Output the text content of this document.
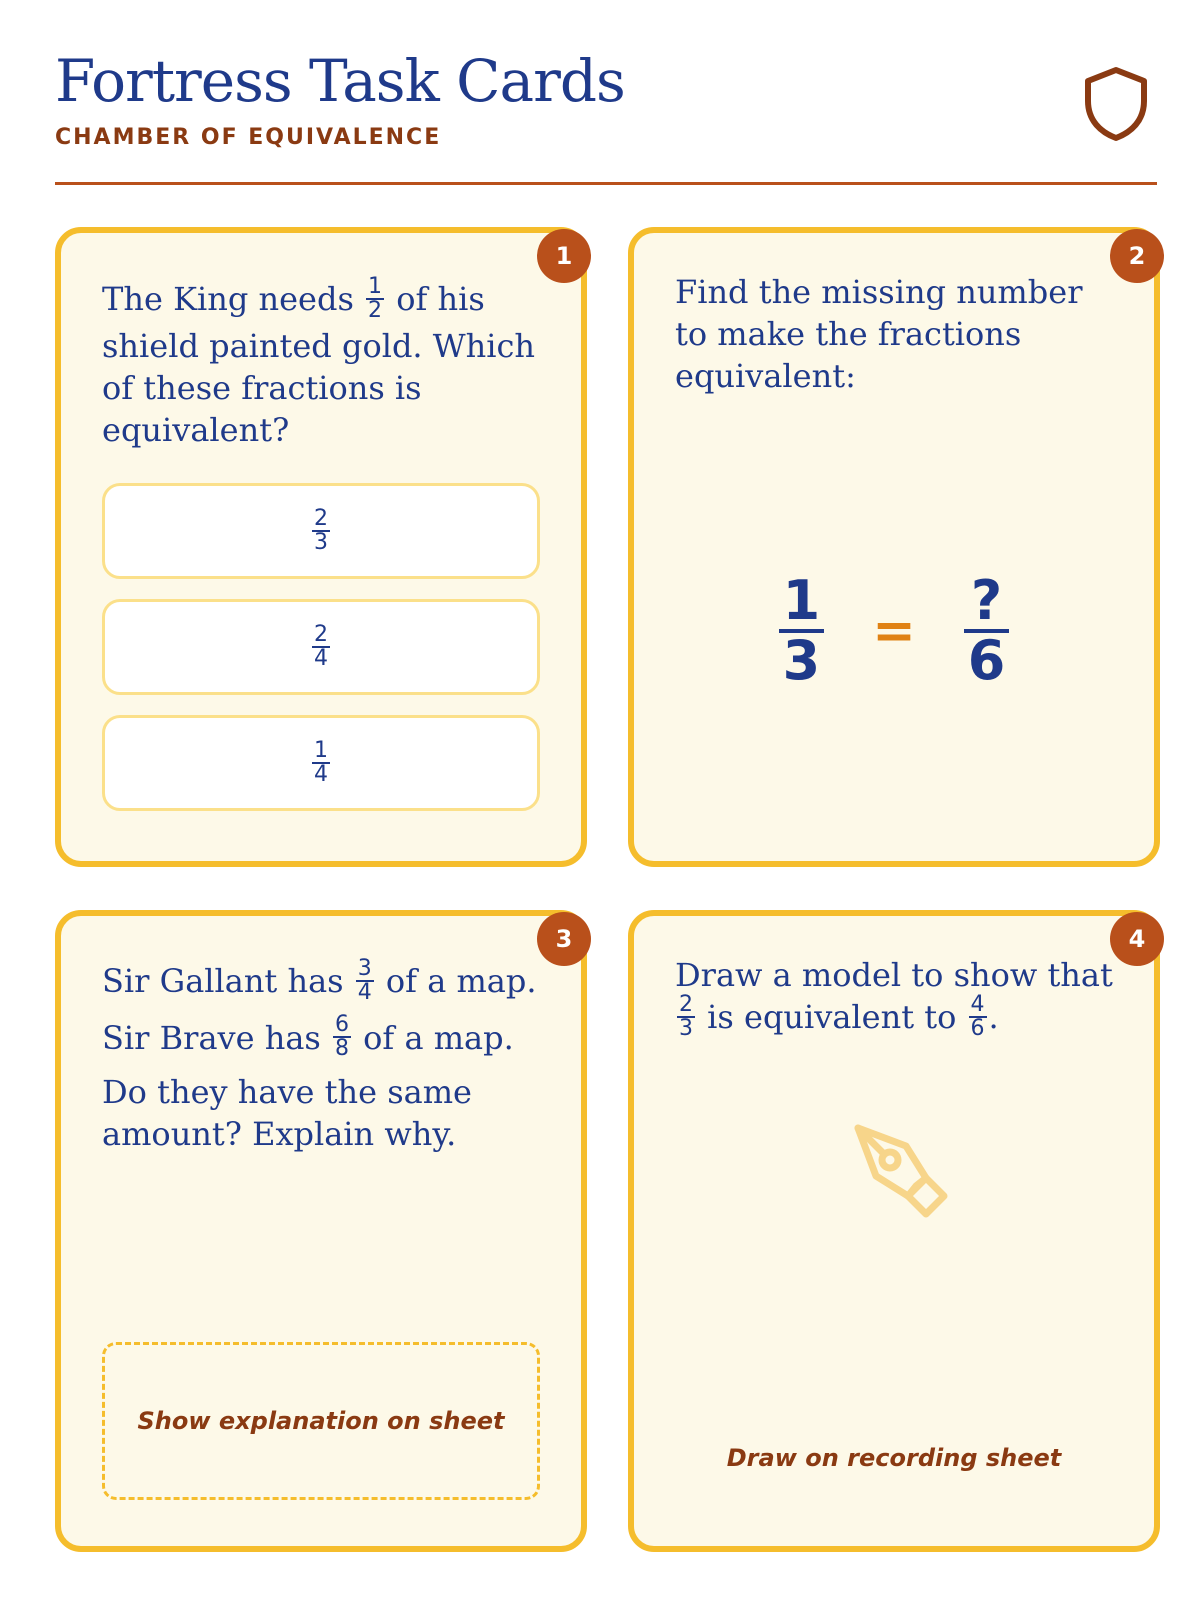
Fortress Task Cards
CHAMBER OF EQUIVALENCE
1
The King needs $\frac{1}{2}$ of his shield painted gold. Which of these fractions is equivalent?
$\frac{2}{3}$
$\frac{2}{4}$
$\frac{1}{4}$
2
Find the missing number to make the fractions equivalent:
$\frac{1}{3}$ = ?
6
3
Sir Gallant has $\frac{3}{4}$ of a map.
Sir Brave has $\frac{6}{8}$ of a map.
Do they have the same amount? Explain why.
Show explanation on sheet
4
Draw a model to show that
$\frac{2}{3}$ is equivalent to $\frac{4}{6}$ .
Draw on recording sheet
